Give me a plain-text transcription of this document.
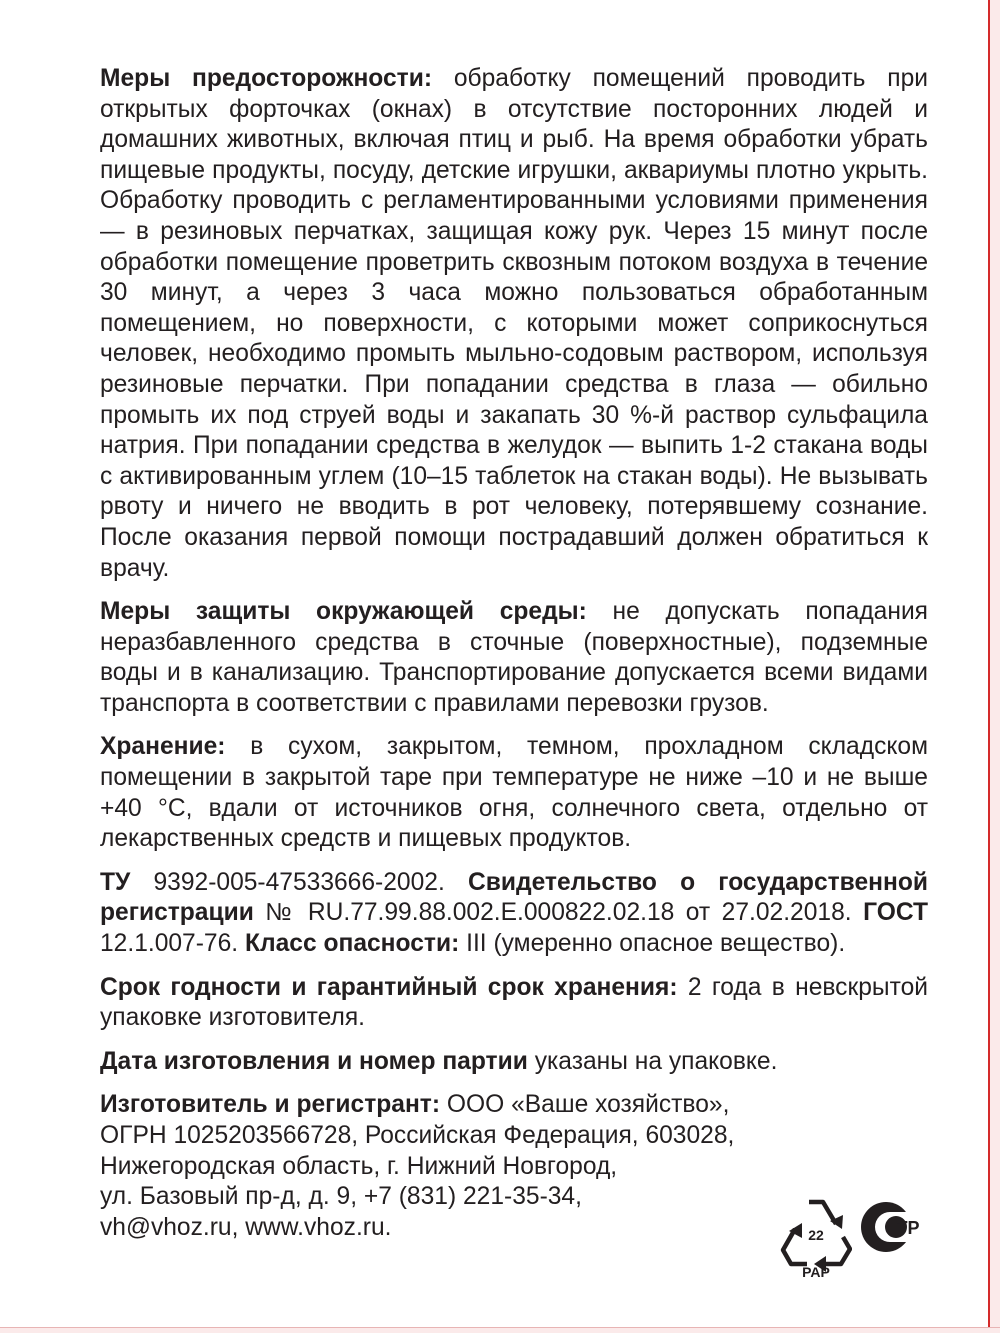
Меры предосторожности: обработку помещений проводить при открытых форточках (окнах) в отсутствие посторонних людей и домашних животных, включая птиц и рыб. На время обработки убрать пищевые продукты, посуду, детские игрушки, аквариумы плотно укрыть. Обработку проводить с регламентированными условиями применения — в резиновых перчатках, защищая кожу рук. Через 15 минут после обработки помещение проветрить сквозным потоком воздуха в течение 30 минут, а через 3 часа можно пользоваться обработанным помещением, но поверхности, с которыми может соприкоснуться человек, необходимо промыть мыльно-содовым раствором, используя резиновые перчатки. При попадании средства в глаза — обильно промыть их под струей воды и закапать 30 %-й раствор сульфацила натрия. При попадании средства в желудок — выпить 1-2 стакана воды с активированным углем (10–15 таблеток на стакан воды). Не вызывать рвоту и ничего не вводить в рот человеку, потерявшему сознание. После оказания первой помощи пострадавший должен обратиться к врачу.

Меры защиты окружающей среды: не допускать попадания неразбавленного средства в сточные (поверхностные), подземные воды и в канализацию. Транспортирование допускается всеми видами транспорта в соответствии с правилами перевозки грузов.

Хранение: в сухом, закрытом, темном, прохладном складском помещении в закрытой таре при температуре не ниже –10 и не выше +40 °С, вдали от источников огня, солнечного света, отдельно от лекарственных средств и пищевых продуктов.

ТУ 9392-005-47533666-2002. Свидетельство о государственной регистрации № RU.77.99.88.002.Е.000822.02.18 от 27.02.2018. ГОСТ 12.1.007-76. Класс опасности: III (умеренно опасное вещество).

Срок годности и гарантийный срок хранения: 2 года в невскрытой упаковке изготовителя.

Дата изготовления и номер партии указаны на упаковке.

Изготовитель и регистрант: ООО «Ваше хозяйство»,
ОГРН 1025203566728, Российская Федерация, 603028,
Нижегородская область, г. Нижний Новгород,
ул. Базовый пр-д, д. 9, +7 (831) 221-35-34,
vh@vhoz.ru, www.vhoz.ru.	22
PAP
ТР
